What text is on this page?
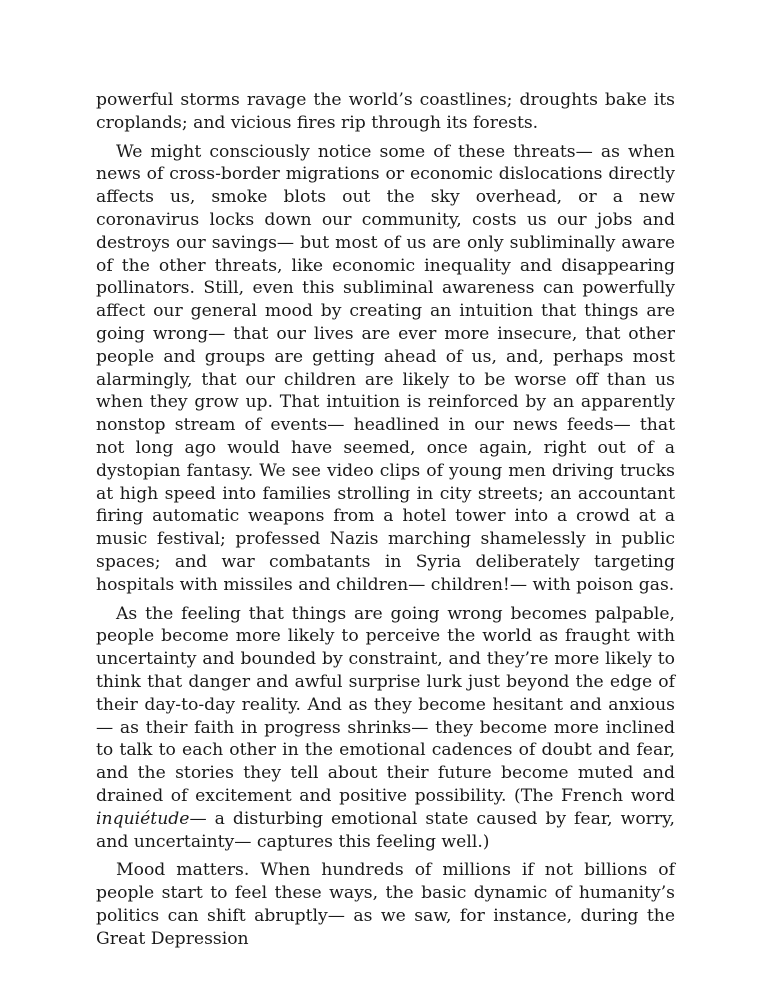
powerful storms ravage the world’s coastlines; droughts bake its croplands; and vicious fires rip through its forests.

We might consciously notice some of these threats— as when news of cross-border migrations or economic dislocations directly affects us, smoke blots out the sky overhead, or a new coronavirus locks down our community, costs us our jobs and destroys our savings— but most of us are only subliminally aware of the other threats, like economic inequality and disappearing pollinators. Still, even this subliminal awareness can powerfully affect our general mood by creating an intuition that things are going wrong— that our lives are ever more insecure, that other people and groups are getting ahead of us, and, perhaps most alarmingly, that our children are likely to be worse off than us when they grow up. That intuition is reinforced by an apparently nonstop stream of events— headlined in our news feeds— that not long ago would have seemed, once again, right out of a dystopian fantasy. We see video clips of young men driving trucks at high speed into families strolling in city streets; an accountant firing automatic weapons from a hotel tower into a crowd at a music festival; professed Nazis marching shamelessly in public spaces; and war combatants in Syria deliberately targeting hospitals with missiles and children— children!— with poison gas.

As the feeling that things are going wrong becomes palpable, people become more likely to perceive the world as fraught with uncertainty and bounded by constraint, and they’re more likely to think that danger and awful surprise lurk just beyond the edge of their day-to-day reality. And as they become hesitant and anxious— as their faith in progress shrinks— they become more inclined to talk to each other in the emotional cadences of doubt and fear, and the stories they tell about their future become muted and drained of excitement and positive possibility. (The French word inquiétude— a disturbing emotional state caused by fear, worry, and uncertainty— captures this feeling well.)

Mood matters. When hundreds of millions if not billions of people start to feel these ways, the basic dynamic of humanity’s politics can shift abruptly— as we saw, for instance, during the Great Depression
